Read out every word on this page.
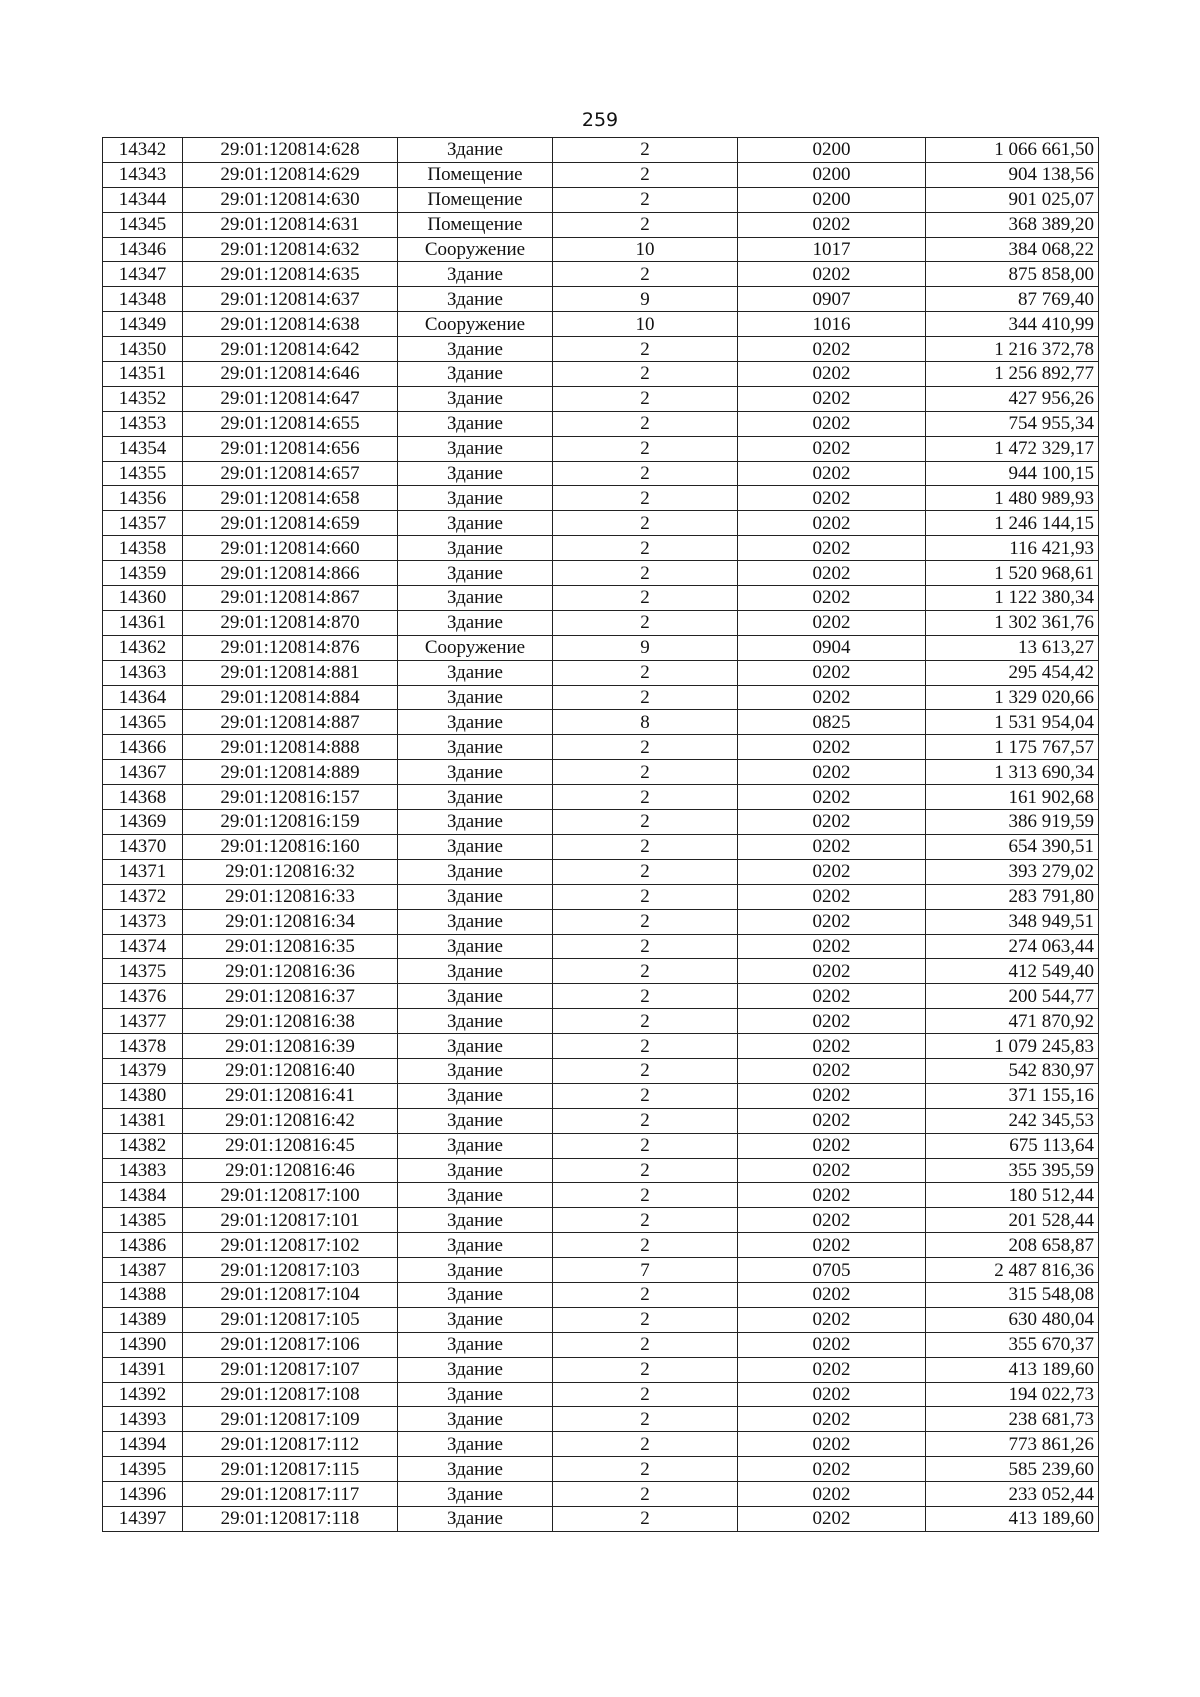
259
14342	29:01:120814:628	Здание	2	0200	1 066 661,50
14343	29:01:120814:629	Помещение	2	0200	904 138,56
14344	29:01:120814:630	Помещение	2	0200	901 025,07
14345	29:01:120814:631	Помещение	2	0202	368 389,20
14346	29:01:120814:632	Сооружение	10	1017	384 068,22
14347	29:01:120814:635	Здание	2	0202	875 858,00
14348	29:01:120814:637	Здание	9	0907	87 769,40
14349	29:01:120814:638	Сооружение	10	1016	344 410,99
14350	29:01:120814:642	Здание	2	0202	1 216 372,78
14351	29:01:120814:646	Здание	2	0202	1 256 892,77
14352	29:01:120814:647	Здание	2	0202	427 956,26
14353	29:01:120814:655	Здание	2	0202	754 955,34
14354	29:01:120814:656	Здание	2	0202	1 472 329,17
14355	29:01:120814:657	Здание	2	0202	944 100,15
14356	29:01:120814:658	Здание	2	0202	1 480 989,93
14357	29:01:120814:659	Здание	2	0202	1 246 144,15
14358	29:01:120814:660	Здание	2	0202	116 421,93
14359	29:01:120814:866	Здание	2	0202	1 520 968,61
14360	29:01:120814:867	Здание	2	0202	1 122 380,34
14361	29:01:120814:870	Здание	2	0202	1 302 361,76
14362	29:01:120814:876	Сооружение	9	0904	13 613,27
14363	29:01:120814:881	Здание	2	0202	295 454,42
14364	29:01:120814:884	Здание	2	0202	1 329 020,66
14365	29:01:120814:887	Здание	8	0825	1 531 954,04
14366	29:01:120814:888	Здание	2	0202	1 175 767,57
14367	29:01:120814:889	Здание	2	0202	1 313 690,34
14368	29:01:120816:157	Здание	2	0202	161 902,68
14369	29:01:120816:159	Здание	2	0202	386 919,59
14370	29:01:120816:160	Здание	2	0202	654 390,51
14371	29:01:120816:32	Здание	2	0202	393 279,02
14372	29:01:120816:33	Здание	2	0202	283 791,80
14373	29:01:120816:34	Здание	2	0202	348 949,51
14374	29:01:120816:35	Здание	2	0202	274 063,44
14375	29:01:120816:36	Здание	2	0202	412 549,40
14376	29:01:120816:37	Здание	2	0202	200 544,77
14377	29:01:120816:38	Здание	2	0202	471 870,92
14378	29:01:120816:39	Здание	2	0202	1 079 245,83
14379	29:01:120816:40	Здание	2	0202	542 830,97
14380	29:01:120816:41	Здание	2	0202	371 155,16
14381	29:01:120816:42	Здание	2	0202	242 345,53
14382	29:01:120816:45	Здание	2	0202	675 113,64
14383	29:01:120816:46	Здание	2	0202	355 395,59
14384	29:01:120817:100	Здание	2	0202	180 512,44
14385	29:01:120817:101	Здание	2	0202	201 528,44
14386	29:01:120817:102	Здание	2	0202	208 658,87
14387	29:01:120817:103	Здание	7	0705	2 487 816,36
14388	29:01:120817:104	Здание	2	0202	315 548,08
14389	29:01:120817:105	Здание	2	0202	630 480,04
14390	29:01:120817:106	Здание	2	0202	355 670,37
14391	29:01:120817:107	Здание	2	0202	413 189,60
14392	29:01:120817:108	Здание	2	0202	194 022,73
14393	29:01:120817:109	Здание	2	0202	238 681,73
14394	29:01:120817:112	Здание	2	0202	773 861,26
14395	29:01:120817:115	Здание	2	0202	585 239,60
14396	29:01:120817:117	Здание	2	0202	233 052,44
14397	29:01:120817:118	Здание	2	0202	413 189,60
